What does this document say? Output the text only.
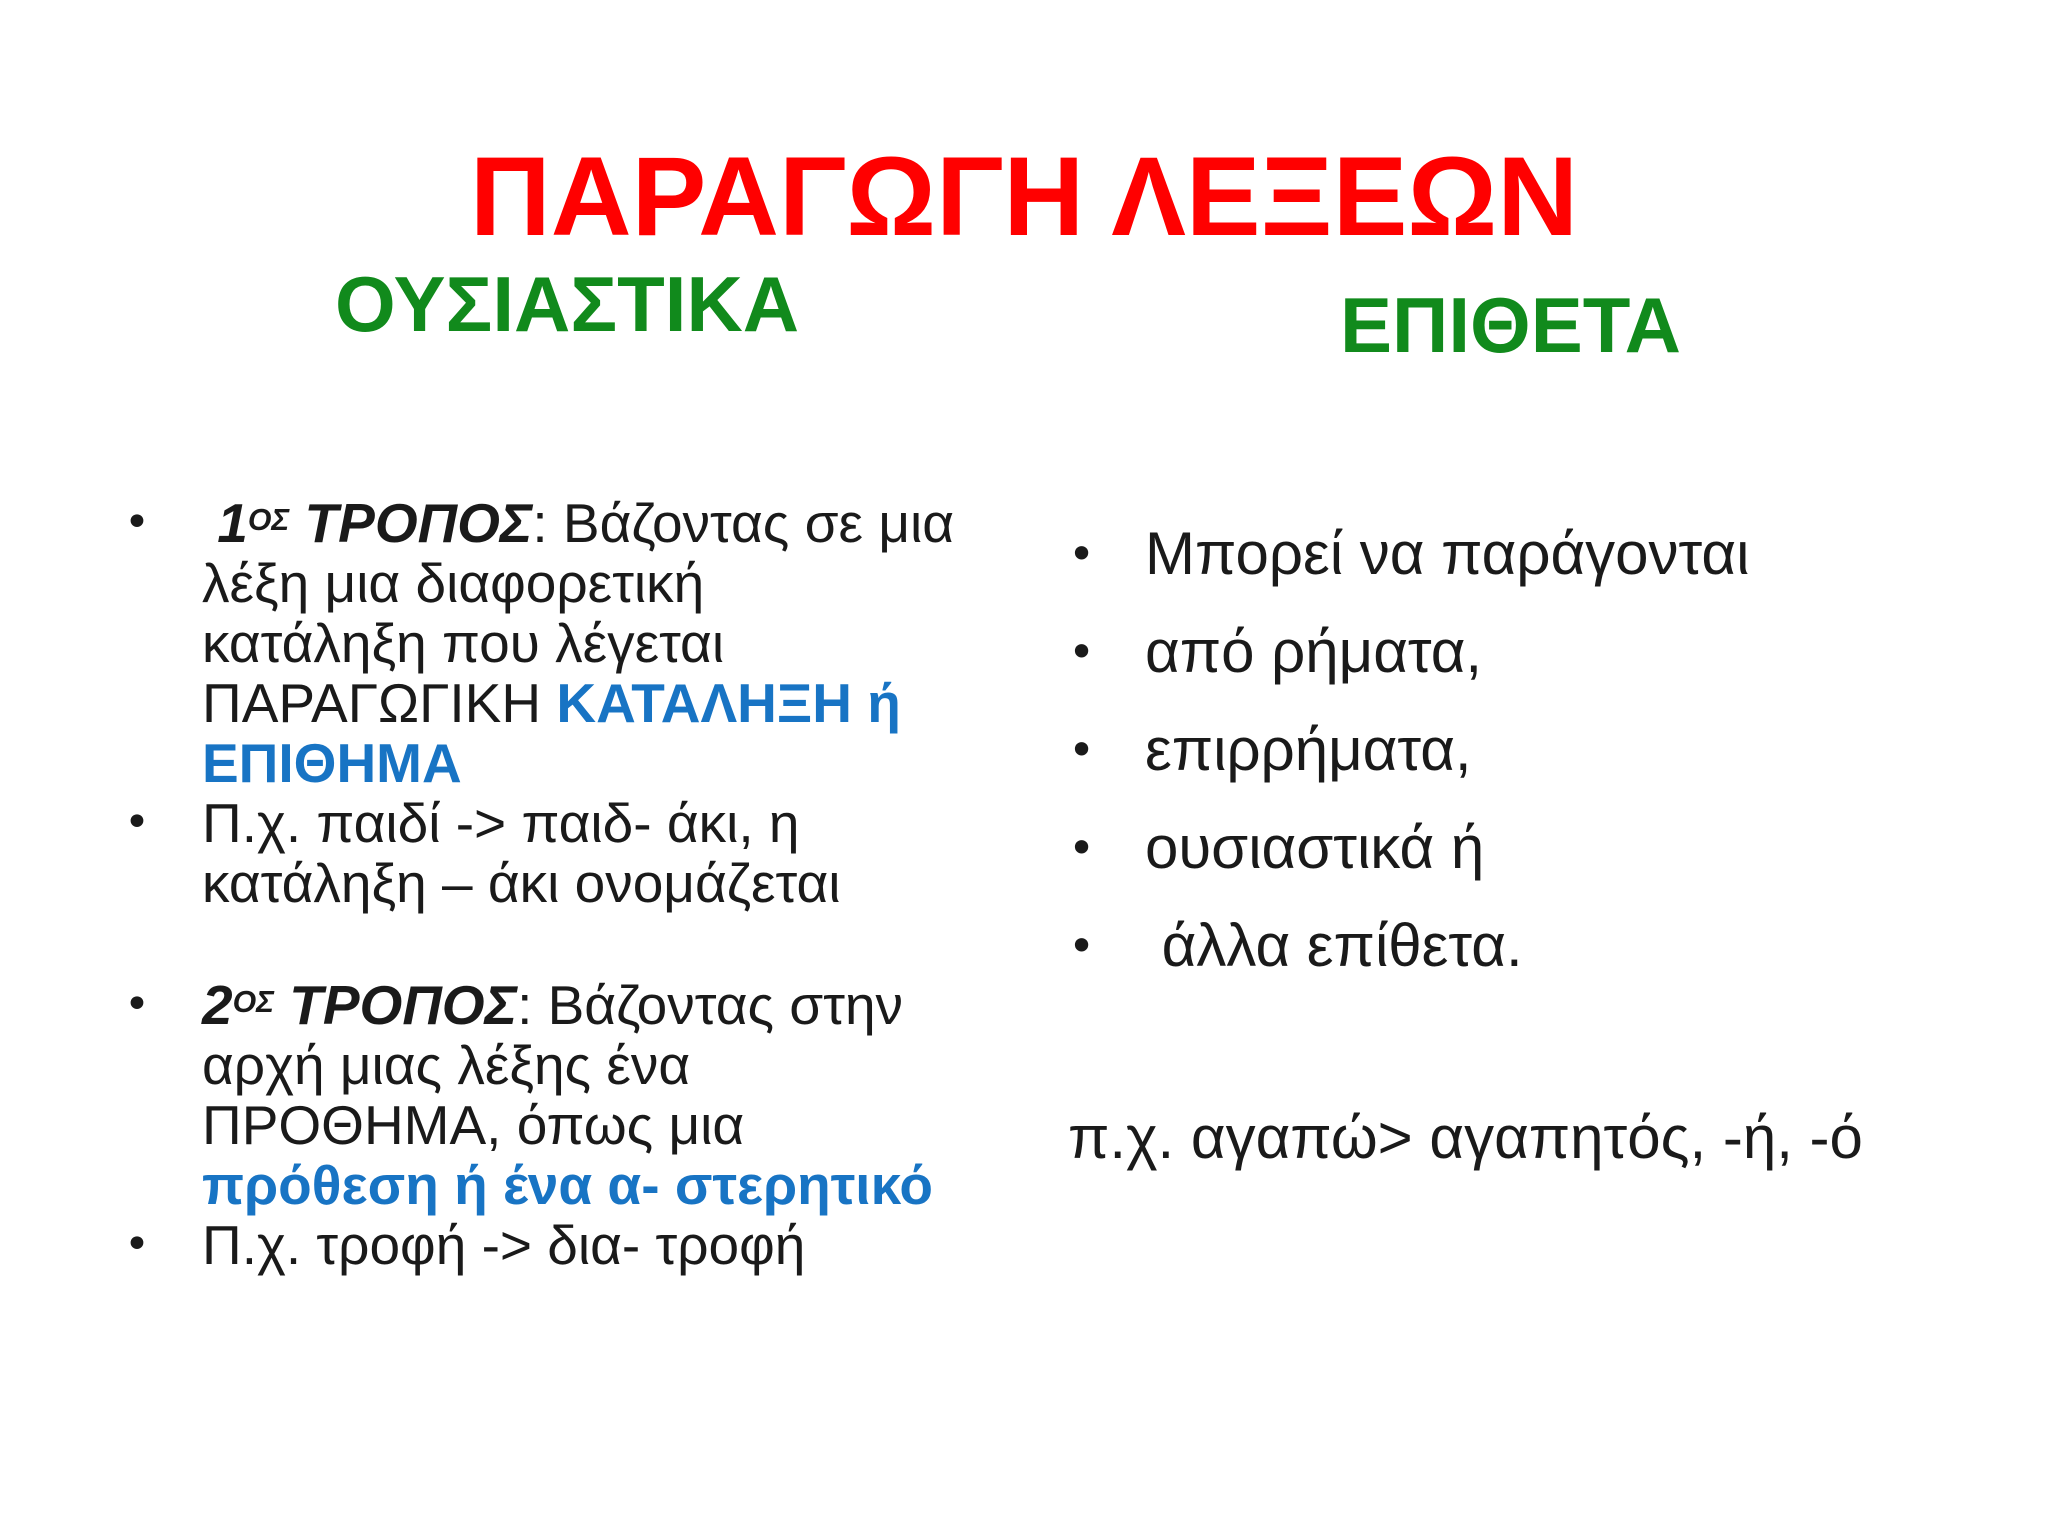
ΠΑΡΑΓΩΓΗ ΛΕΞΕΩΝ
ΟΥΣΙΑΣΤΙΚΑ	ΕΠΙΘΕΤΑ
• $1^{O\Sigma}$ ΤΡΟΠΟΣ: Βάζοντας σε μια
λέξη μια διαφορετική
κατάληξη που λέγεται
ΠΑΡΑΓΩΓΙΚΗ ΚΑΤΑΛΗΞΗ ή
ΕΠΙΘΗΜΑ
• Π.χ. παιδί -> παιδ- άκι, η
κατάληξη – άκι ονομάζεται
• $2^{O\Sigma}$ ΤΡΟΠΟΣ: Βάζοντας στην
αρχή μιας λέξης ένα
ΠΡΟΘΗΜΑ, όπως μια
πρόθεση ή ένα α- στερητικό
• Π.χ. τροφή -> δια- τροφή
• Μπορεί να παράγονται
• από ρήματα,
• επιρρήματα,
• ουσιαστικά ή
• άλλα επίθετα.
π.χ. αγαπώ> αγαπητός, -ή, -ό
